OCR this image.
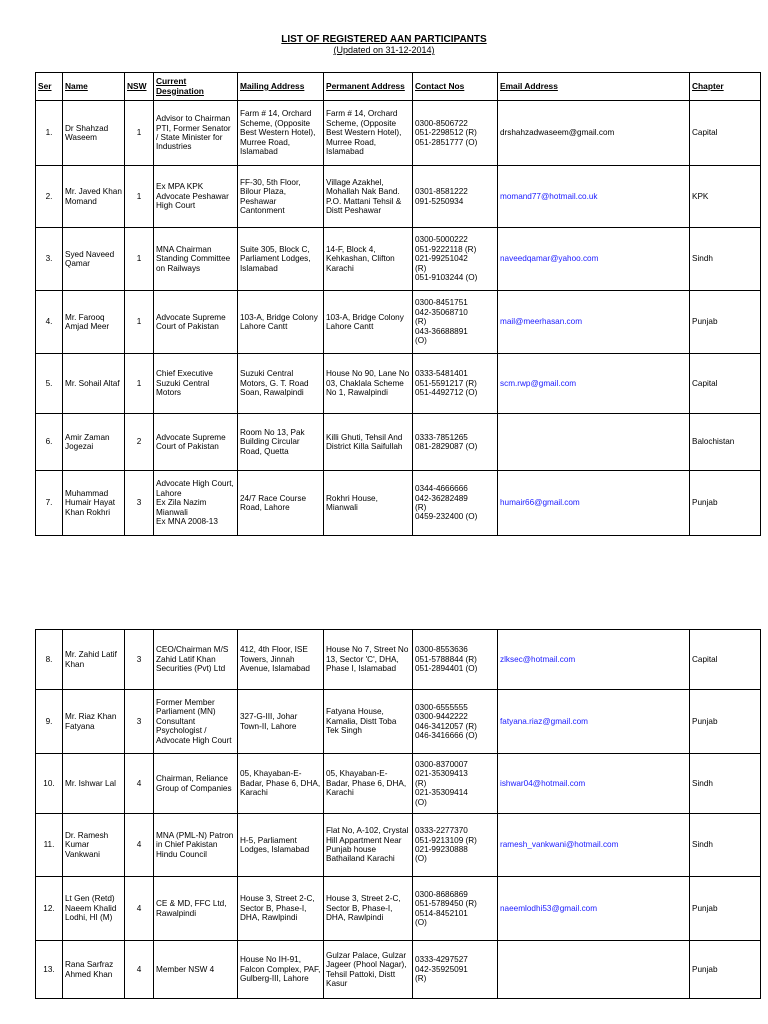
LIST OF REGISTERED AAN PARTICIPANTS
(Updated on 31-12-2014)
Ser	Name	NSW	Current Desgination	Mailing Address	Permanent Address	Contact Nos	Email Address	Chapter

1.	Dr Shahzad Waseem	1	Advisor to Chairman PTI, Former Senator / State Minister for Industries	Farm # 14, Orchard Scheme, (Opposite Best Western Hotel), Murree Road, Islamabad	Farm # 14, Orchard Scheme, (Opposite Best Western Hotel), Murree Road, Islamabad	0300-8506722
051-2298512 (R)
051-2851777 (O)	drshahzadwaseem@gmail.com	Capital

2.	Mr. Javed Khan Momand	1	Ex MPA KPK Advocate Peshawar High Court	FF-30, 5th Floor, Bilour Plaza, Peshawar Cantonment	Village Azakhel, Mohallah Nak Band. P.O. Mattani Tehsil & Distt Peshawar	0301-8581222
091-5250934	momand77@hotmail.co.uk	KPK

3.	Syed Naveed Qamar	1	MNA Chairman Standing Committee on Railways	Suite 305, Block C, Parliament Lodges, Islamabad	14-F, Block 4, Kehkashan, Clifton Karachi	0300-5000222
051-9222118 (R)
021-99251042
(R)
051-9103244 (O)	naveedqamar@yahoo.com	Sindh

4.	Mr. Farooq Amjad Meer	1	Advocate Supreme Court of Pakistan	103-A, Bridge Colony Lahore Cantt	103-A, Bridge Colony Lahore Cantt	0300-8451751
042-35068710
(R)
043-36688891
(O)	mail@meerhasan.com	Punjab

5.	Mr. Sohail Altaf	1	Chief Executive Suzuki Central Motors	Suzuki Central Motors, G. T. Road Soan, Rawalpindi	House No 90, Lane No 03, Chaklala Scheme No 1, Rawalpindi	0333-5481401
051-5591217 (R)
051-4492712 (O)	scm.rwp@gmail.com	Capital

6.	Amir Zaman Jogezai	2	Advocate Supreme Court of Pakistan	Room No 13, Pak Building Circular Road, Quetta	Killi Ghuti, Tehsil And District Killa Saifullah	0333-7851265
081-2829087 (O)		Balochistan

7.	Muhammad Humair Hayat Khan Rokhri	3	Advocate High Court, Lahore
Ex Zila Nazim Mianwali
Ex MNA 2008-13	24/7 Race Course Road, Lahore	Rokhri House, Mianwali	0344-4666666
042-36282489
(R)
0459-232400 (O)	humair66@gmail.com	Punjab
8.	Mr. Zahid Latif Khan	3	CEO/Chairman M/S Zahid Latif Khan Securities (Pvt) Ltd	412, 4th Floor, ISE Towers, Jinnah Avenue, Islamabad	House No 7, Street No 13, Sector 'C', DHA, Phase I, Islamabad	0300-8553636
051-5788844 (R)
051-2894401 (O)	zlksec@hotmail.com	Capital

9.	Mr. Riaz Khan Fatyana	3	Former Member Parliament (MN) Consultant Psychologist / Advocate High Court	327-G-III, Johar Town-II, Lahore	Fatyana House, Kamalia, Distt Toba Tek Singh	0300-6555555
0300-9442222
046-3412057 (R)
046-3416666 (O)	fatyana.riaz@gmail.com	Punjab

10.	Mr. Ishwar Lal	4	Chairman, Reliance Group of Companies	05, Khayaban-E-Badar, Phase 6, DHA, Karachi	05, Khayaban-E-Badar, Phase 6, DHA, Karachi	0300-8370007
021-35309413
(R)
021-35309414
(O)	ishwar04@hotmail.com	Sindh

11.	Dr. Ramesh Kumar Vankwani	4	MNA (PML-N) Patron in Chief Pakistan Hindu Council	H-5, Parliament Lodges, Islamabad	Flat No, A-102, Crystal Hill Appartment Near Punjab house Bathailand Karachi	0333-2277370
051-9213109 (R)
021-99230888
(O)	ramesh_vankwani@hotmail.com	Sindh

12.	Lt Gen (Retd) Naeem Khalid Lodhi, HI (M)	4	CE & MD, FFC Ltd, Rawalpindi	House 3, Street 2-C, Sector B, Phase-I, DHA, Rawlpindi	House 3, Street 2-C, Sector B, Phase-I, DHA, Rawlpindi	0300-8686869
051-5789450 (R)
0514-8452101
(O)	naeemlodhi53@gmail.com	Punjab

13.	Rana Sarfraz Ahmed Khan	4	Member NSW 4	House No IH-91, Falcon Complex, PAF, Gulberg-III, Lahore	Gulzar Palace, Gulzar Jageer (Phool Nagar), Tehsil Pattoki, Distt Kasur	0333-4297527
042-35925091
(R)		Punjab
